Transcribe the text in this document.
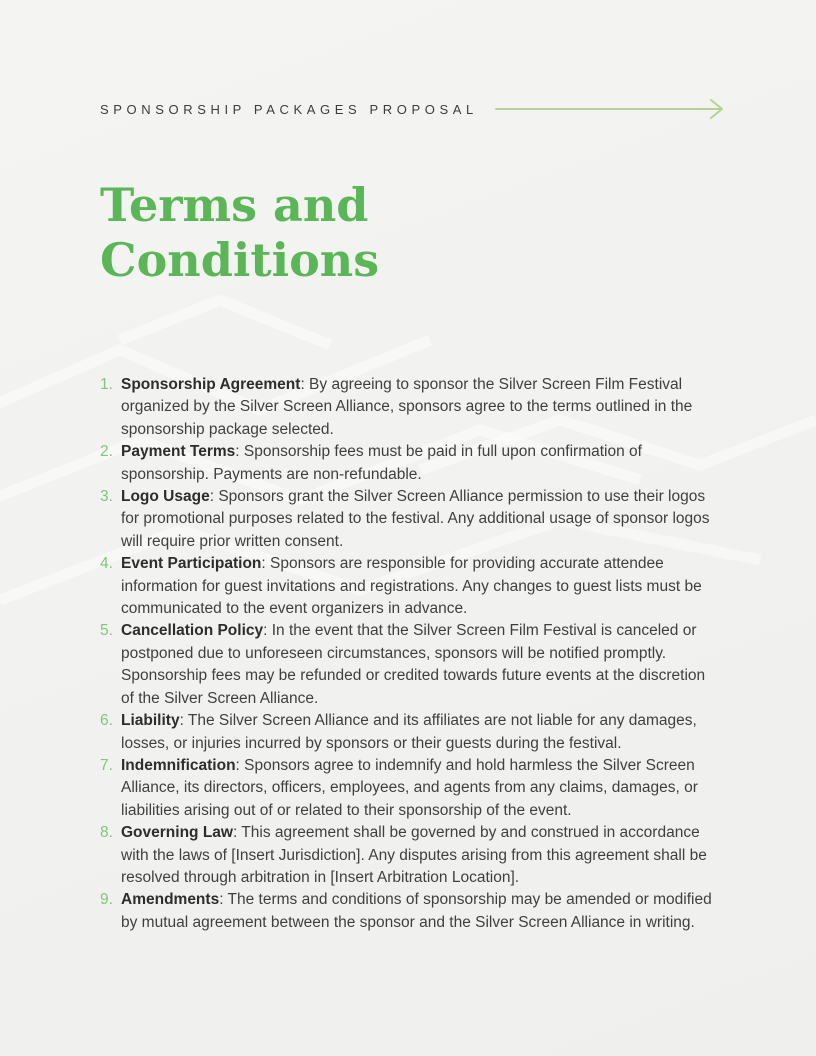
SPONSORSHIP PACKAGES PROPOSAL
Terms and Conditions
Sponsorship Agreement: By agreeing to sponsor the Silver Screen Film Festival organized by the Silver Screen Alliance, sponsors agree to the terms outlined in the sponsorship package selected.
Payment Terms: Sponsorship fees must be paid in full upon confirmation of sponsorship. Payments are non-refundable.
Logo Usage: Sponsors grant the Silver Screen Alliance permission to use their logos for promotional purposes related to the festival. Any additional usage of sponsor logos will require prior written consent.
Event Participation: Sponsors are responsible for providing accurate attendee information for guest invitations and registrations. Any changes to guest lists must be communicated to the event organizers in advance.
Cancellation Policy: In the event that the Silver Screen Film Festival is canceled or postponed due to unforeseen circumstances, sponsors will be notified promptly. Sponsorship fees may be refunded or credited towards future events at the discretion of the Silver Screen Alliance.
Liability: The Silver Screen Alliance and its affiliates are not liable for any damages, losses, or injuries incurred by sponsors or their guests during the festival.
Indemnification: Sponsors agree to indemnify and hold harmless the Silver Screen Alliance, its directors, officers, employees, and agents from any claims, damages, or liabilities arising out of or related to their sponsorship of the event.
Governing Law: This agreement shall be governed by and construed in accordance with the laws of [Insert Jurisdiction]. Any disputes arising from this agreement shall be resolved through arbitration in [Insert Arbitration Location].
Amendments: The terms and conditions of sponsorship may be amended or modified by mutual agreement between the sponsor and the Silver Screen Alliance in writing.
